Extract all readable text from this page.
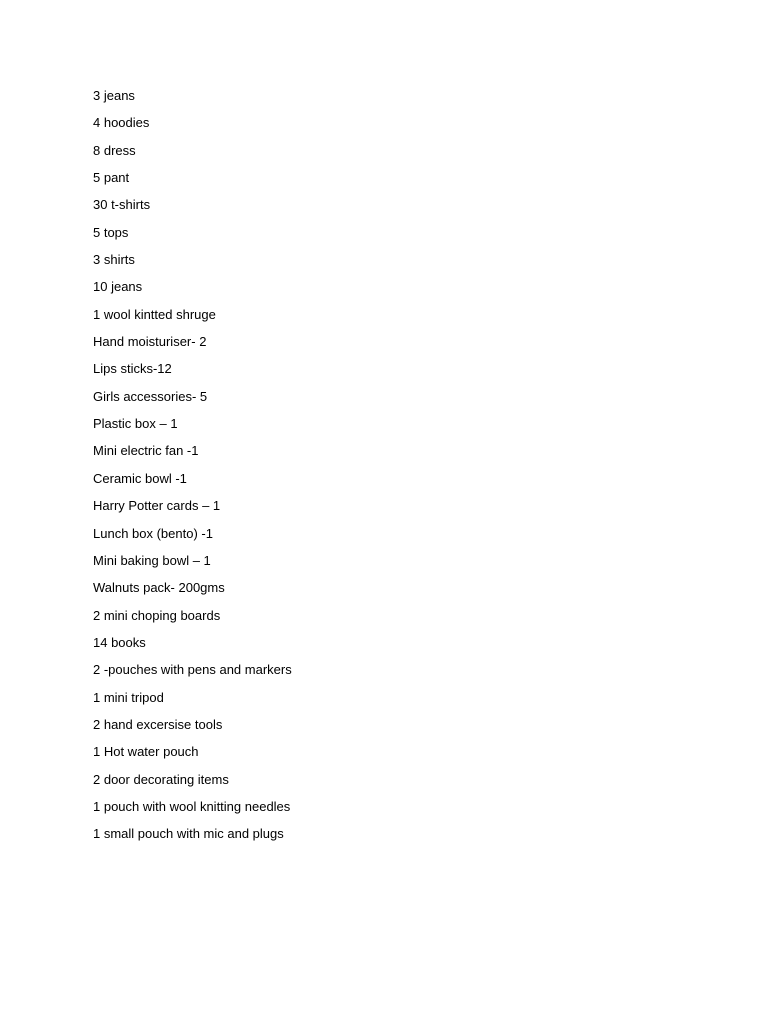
3 jeans
4 hoodies
8 dress
5 pant
30 t-shirts
5 tops
3 shirts
10 jeans
1 wool kintted shruge
Hand moisturiser- 2
Lips sticks-12
Girls accessories- 5
Plastic box – 1
Mini electric fan -1
Ceramic bowl -1
Harry Potter cards – 1
Lunch box (bento) -1
Mini baking bowl – 1
Walnuts pack- 200gms
2 mini choping boards
14 books
2 -pouches with pens and markers
1 mini tripod
2 hand excersise tools
1 Hot water pouch
2 door decorating items
1 pouch with wool knitting needles
1 small pouch with mic and plugs
